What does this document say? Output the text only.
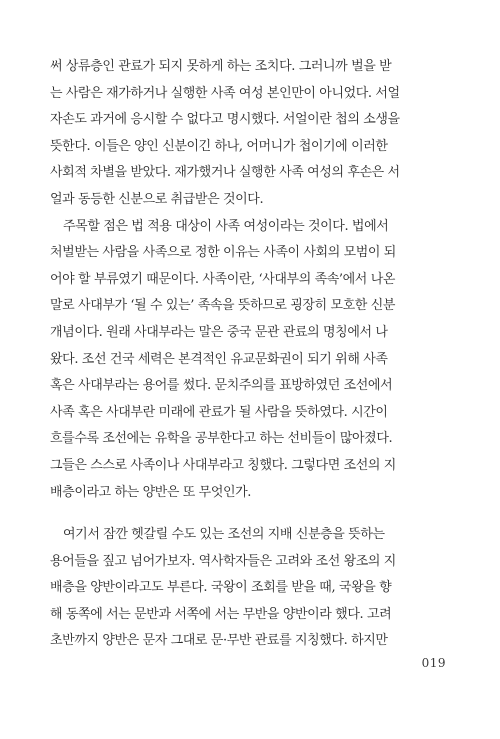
써 상류층인 관료가 되지 못하게 하는 조치다. 그러니까 벌을 받
는 사람은 재가하거나 실행한 사족 여성 본인만이 아니었다. 서얼
자손도 과거에 응시할 수 없다고 명시했다. 서얼이란 첩의 소생을
뜻한다. 이들은 양인 신분이긴 하나, 어머니가 첩이기에 이러한
사회적 차별을 받았다. 재가했거나 실행한 사족 여성의 후손은 서
얼과 동등한 신분으로 취급받은 것이다.
주목할 점은 법 적용 대상이 사족 여성이라는 것이다. 법에서
처벌받는 사람을 사족으로 정한 이유는 사족이 사회의 모범이 되
어야 할 부류였기 때문이다. 사족이란, ‘사대부의 족속’에서 나온
말로 사대부가 ‘될 수 있는’ 족속을 뜻하므로 굉장히 모호한 신분
개념이다. 원래 사대부라는 말은 중국 문관 관료의 명칭에서 나
왔다. 조선 건국 세력은 본격적인 유교문화권이 되기 위해 사족
혹은 사대부라는 용어를 썼다. 문치주의를 표방하였던 조선에서
사족 혹은 사대부란 미래에 관료가 될 사람을 뜻하였다. 시간이
흐를수록 조선에는 유학을 공부한다고 하는 선비들이 많아졌다.
그들은 스스로 사족이나 사대부라고 칭했다. 그렇다면 조선의 지
배층이라고 하는 양반은 또 무엇인가.
여기서 잠깐 헷갈릴 수도 있는 조선의 지배 신분층을 뜻하는
용어들을 짚고 넘어가보자. 역사학자들은 고려와 조선 왕조의 지
배층을 양반이라고도 부른다. 국왕이 조회를 받을 때, 국왕을 향
해 동쪽에 서는 문반과 서쪽에 서는 무반을 양반이라 했다. 고려
초반까지 양반은 문자 그대로 문·무반 관료를 지칭했다. 하지만
019
